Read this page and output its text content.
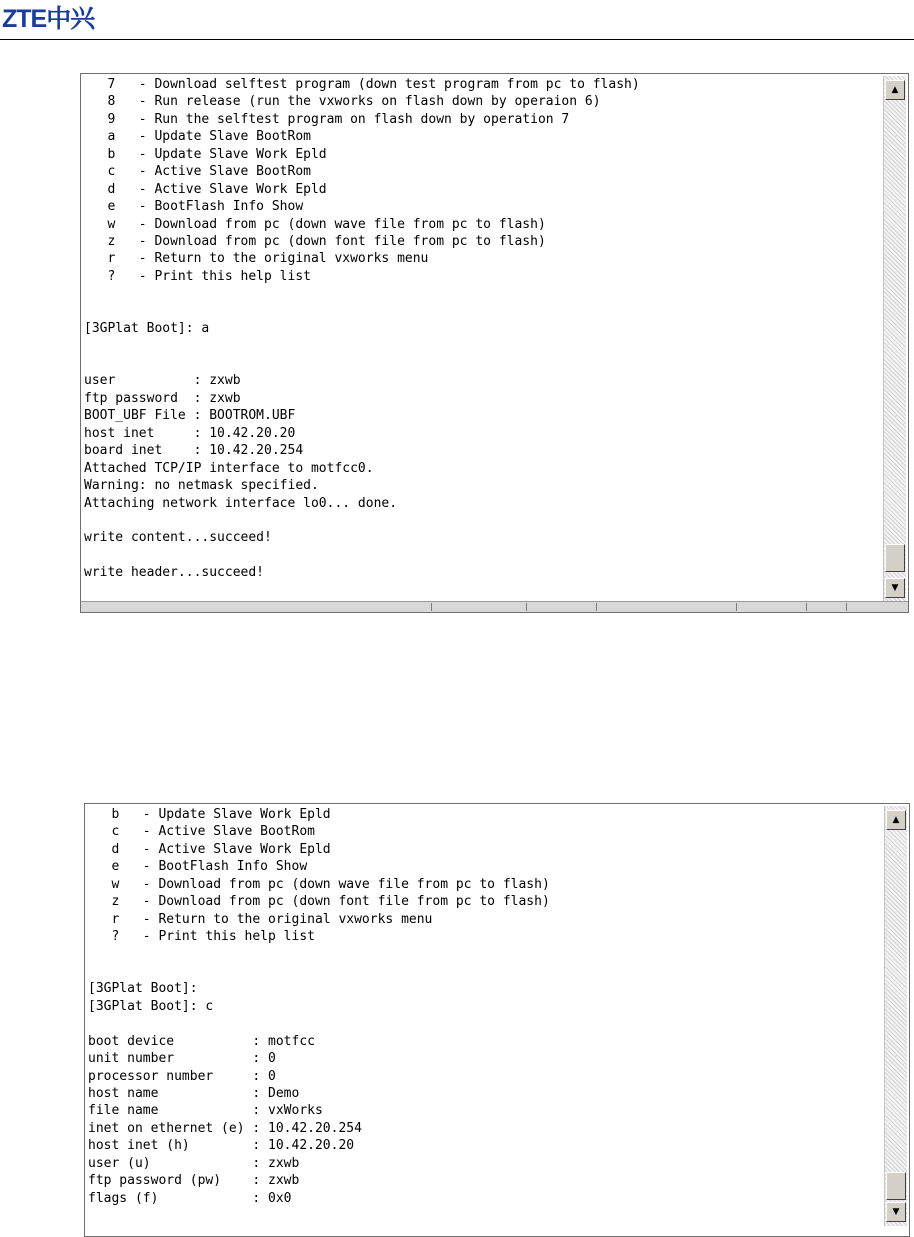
ZTE中兴
7   - Download selftest program (down test program from pc to flash)
8   - Run release (run the vxworks on flash down by operaion 6)
9   - Run the selftest program on flash down by operation 7
a   - Update Slave BootRom
b   - Update Slave Work Epld
c   - Active Slave BootRom
d   - Active Slave Work Epld
e   - BootFlash Info Show
w   - Download from pc (down wave file from pc to flash)
z   - Download from pc (down font file from pc to flash)
r   - Return to the original vxworks menu
?   - Print this help list
[3GPlat Boot]: a
user          : zxwb
ftp password  : zxwb
BOOT_UBF File : BOOTROM.UBF
host inet     : 10.42.20.20
board inet    : 10.42.20.254
Attached TCP/IP interface to motfcc0.
Warning: no netmask specified.
Attaching network interface lo0... done.
write content...succeed!
write header...succeed!
▲
▼
b   - Update Slave Work Epld
c   - Active Slave BootRom
d   - Active Slave Work Epld
e   - BootFlash Info Show
w   - Download from pc (down wave file from pc to flash)
z   - Download from pc (down font file from pc to flash)
r   - Return to the original vxworks menu
?   - Print this help list
[3GPlat Boot]:
[3GPlat Boot]: c
boot device          : motfcc
unit number          : 0
processor number     : 0
host name            : Demo
file name            : vxWorks
inet on ethernet (e) : 10.42.20.254
host inet (h)        : 10.42.20.20
user (u)             : zxwb
ftp password (pw)    : zxwb
flags (f)            : 0x0
▲
▼
